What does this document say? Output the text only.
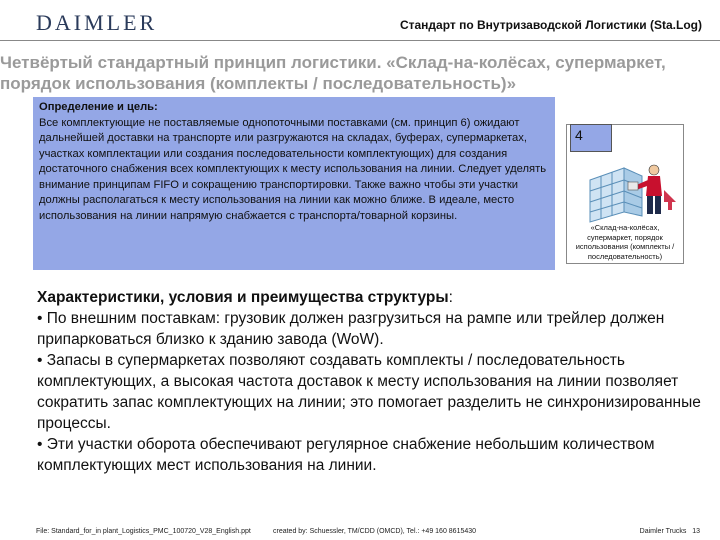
DAIMLER	Стандарт по Внутризаводской Логистики (Sta.Log)
Четвёртый стандартный принцип логистики. «Склад-на-колёсах, супермаркет, порядок использования (комплекты / последовательность)»
Определение и цель:
Все комплектующие не поставляемые однопоточными поставками (см. принцип 6) ожидают дальнейшей доставки на транспорте или разгружаются на складах, буферах, супермаркетах, участках комплектации или создания последовательности комплектующих) для создания достаточного снабжения всех комплектующих к месту использования на линии. Следует уделять внимание принципам FIFO и сокращению транспортировки. Также важно чтобы эти участки должны располагаться к месту использования на линии как можно ближе. В идеале, место использования на линии напрямую снабжается с транспорта/товарной корзины.
4
«Склад-на-колёсах, супермаркет, порядок использования (комплекты / последовательность)
Характеристики, условия и преимущества структуры:

• По внешним поставкам: грузовик должен разгрузиться на рампе или трейлер должен припарковаться близко к зданию завода (WoW).

• Запасы в супермаркетах позволяют создавать комплекты / последовательность комплектующих, а высокая частота доставок к месту использования на линии позволяет сократить запас комплектующих на линии; это помогает разделить не синхронизированные процессы.

• Эти участки оборота обеспечивают регулярное снабжение небольшим количеством комплектующих мест использования на линии.

File: Standard_for_in plant_Logistics_PMC_100720_V28_English.ppt	created by: Schuessler, TM/CDD (OMCD), Tel.: +49 160 8615430	Daimler Trucks 13
